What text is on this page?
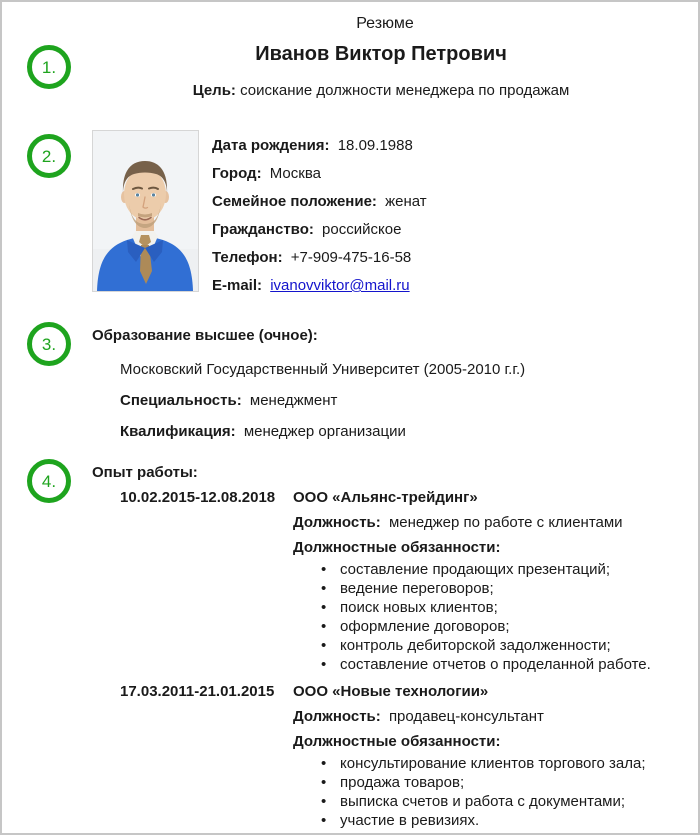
Резюме
1.
Иванов Виктор Петрович
Цель: соискание должности менеджера по продажам
2.
Дата рождения: 18.09.1988
Город: Москва
Семейное положение: женат
Гражданство: российское
Телефон: +7-909-475-16-58
E-mail: ivanovviktor@mail.ru
3. Образование высшее (очное):
Московский Государственный Университет (2005-2010 г.г.)
Специальность: менеджмент
Квалификация: менеджер организации
4. Опыт работы:
10.02.2015-12.08.2018	ООО «Альянс-трейдинг»
Должность: менеджер по работе с клиентами
Должностные обязанности:
• составление продающих презентаций;
• ведение переговоров;
• поиск новых клиентов;
• оформление договоров;
• контроль дебиторской задолженности;
• составление отчетов о проделанной работе.
17.03.2011-21.01.2015	ООО «Новые технологии»
Должность: продавец-консультант
Должностные обязанности:
• консультирование клиентов торгового зала;
• продажа товаров;
• выписка счетов и работа с документами;
• участие в ревизиях.
